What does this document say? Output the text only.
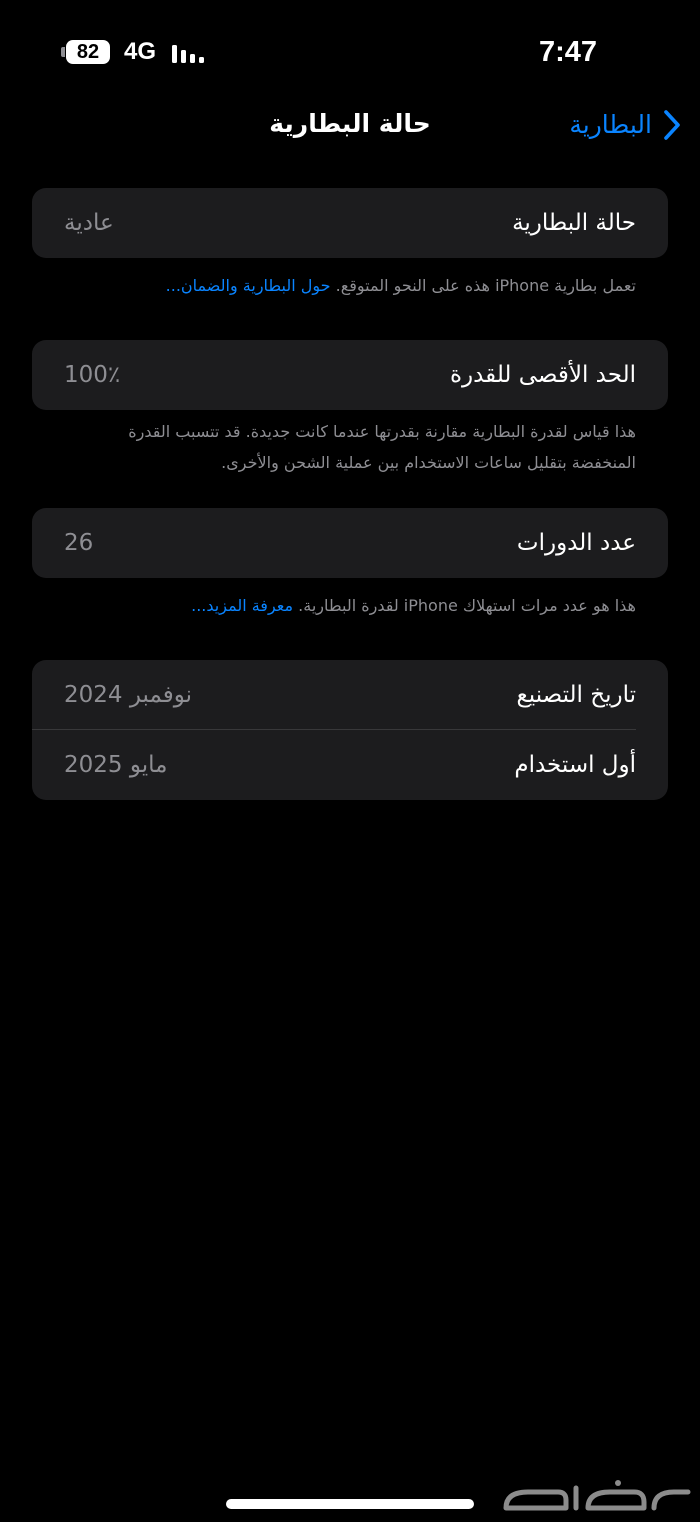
82	4G	7:47
حالة البطارية	البطارية
حالة البطارية
عادية
تعمل بطارية iPhone هذه على النحو المتوقع. حول البطارية والضمان...
الحد الأقصى للقدرة
100٪
هذا قياس لقدرة البطارية مقارنة بقدرتها عندما كانت جديدة. قد تتسبب القدرة
المنخفضة بتقليل ساعات الاستخدام بين عملية الشحن والأخرى.
عدد الدورات
26
هذا هو عدد مرات استهلاك iPhone لقدرة البطارية. معرفة المزيد...
تاريخ التصنيع
نوفمبر 2024
أول استخدام
مايو 2025
